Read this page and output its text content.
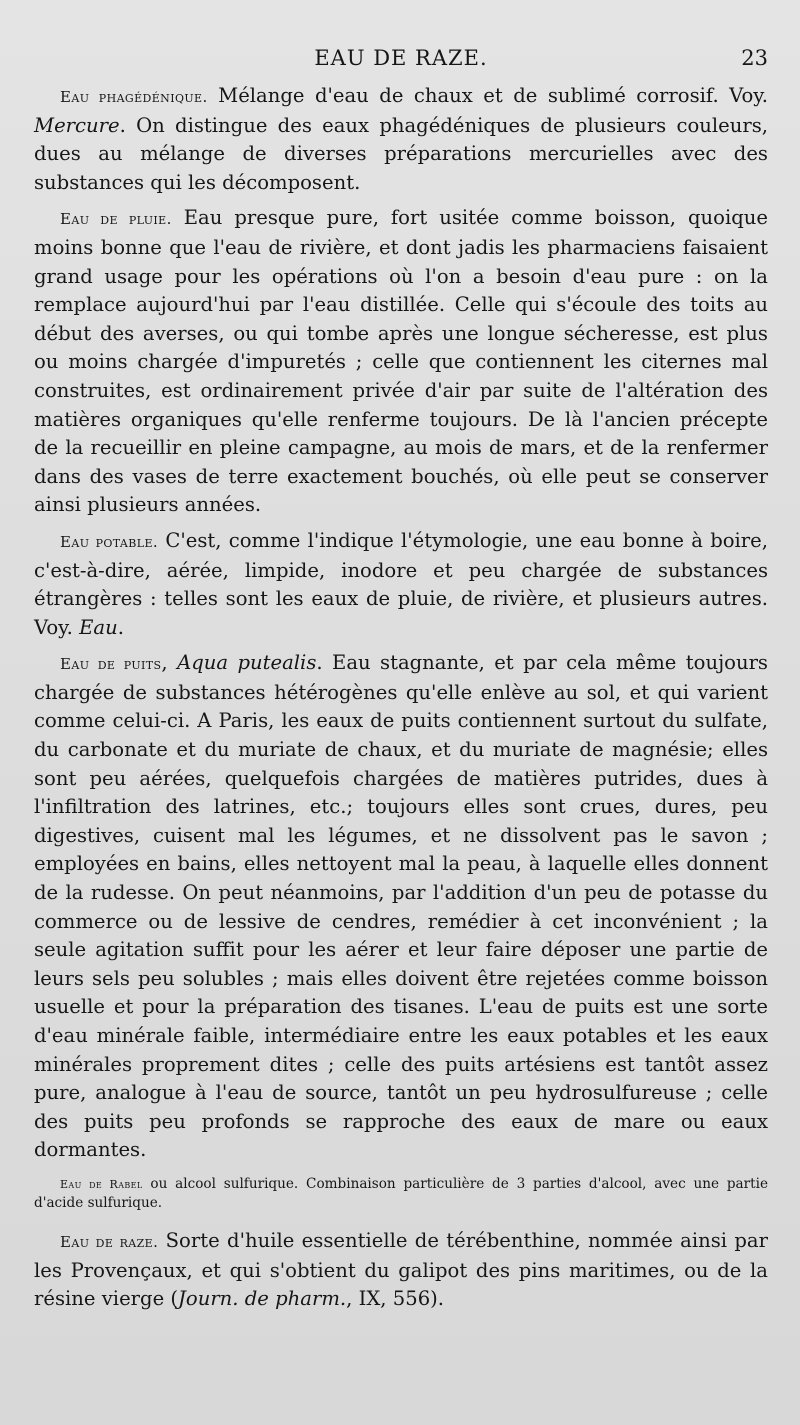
EAU DE RAZE.	23

Eau phagédénique. Mélange d'eau de chaux et de sublimé corrosif. Voy. Mercure. On distingue des eaux phagédéniques de plusieurs couleurs, dues au mélange de diverses préparations mercurielles avec des substances qui les décomposent.

Eau de pluie. Eau presque pure, fort usitée comme boisson, quoique moins bonne que l'eau de rivière, et dont jadis les pharmaciens faisaient grand usage pour les opérations où l'on a besoin d'eau pure : on la remplace aujourd'hui par l'eau distillée. Celle qui s'écoule des toits au début des averses, ou qui tombe après une longue sécheresse, est plus ou moins chargée d'impuretés ; celle que contiennent les citernes mal construites, est ordinairement privée d'air par suite de l'altération des matières organiques qu'elle renferme toujours. De là l'ancien précepte de la recueillir en pleine campagne, au mois de mars, et de la renfermer dans des vases de terre exactement bouchés, où elle peut se conserver ainsi plusieurs années.

Eau potable. C'est, comme l'indique l'étymologie, une eau bonne à boire, c'est-à-dire, aérée, limpide, inodore et peu chargée de substances étrangères : telles sont les eaux de pluie, de rivière, et plusieurs autres. Voy. Eau.

Eau de puits, Aqua putealis. Eau stagnante, et par cela même toujours chargée de substances hétérogènes qu'elle enlève au sol, et qui varient comme celui-ci. A Paris, les eaux de puits contiennent surtout du sulfate, du carbonate et du muriate de chaux, et du muriate de magnésie; elles sont peu aérées, quelquefois chargées de matières putrides, dues à l'infiltration des latrines, etc.; toujours elles sont crues, dures, peu digestives, cuisent mal les légumes, et ne dissolvent pas le savon ; employées en bains, elles nettoyent mal la peau, à laquelle elles donnent de la rudesse. On peut néanmoins, par l'addition d'un peu de potasse du commerce ou de lessive de cendres, remédier à cet inconvénient ; la seule agitation suffit pour les aérer et leur faire déposer une partie de leurs sels peu solubles ; mais elles doivent être rejetées comme boisson usuelle et pour la préparation des tisanes. L'eau de puits est une sorte d'eau minérale faible, intermédiaire entre les eaux potables et les eaux minérales proprement dites ; celle des puits artésiens est tantôt assez pure, analogue à l'eau de source, tantôt un peu hydrosulfureuse ; celle des puits peu profonds se rapproche des eaux de mare ou eaux dormantes.

Eau de Rabel ou alcool sulfurique. Combinaison particulière de 3 parties d'alcool, avec une partie d'acide sulfurique.

Eau de raze. Sorte d'huile essentielle de térébenthine, nommée ainsi par les Provençaux, et qui s'obtient du galipot des pins maritimes, ou de la résine vierge (Journ. de pharm., IX, 556).
